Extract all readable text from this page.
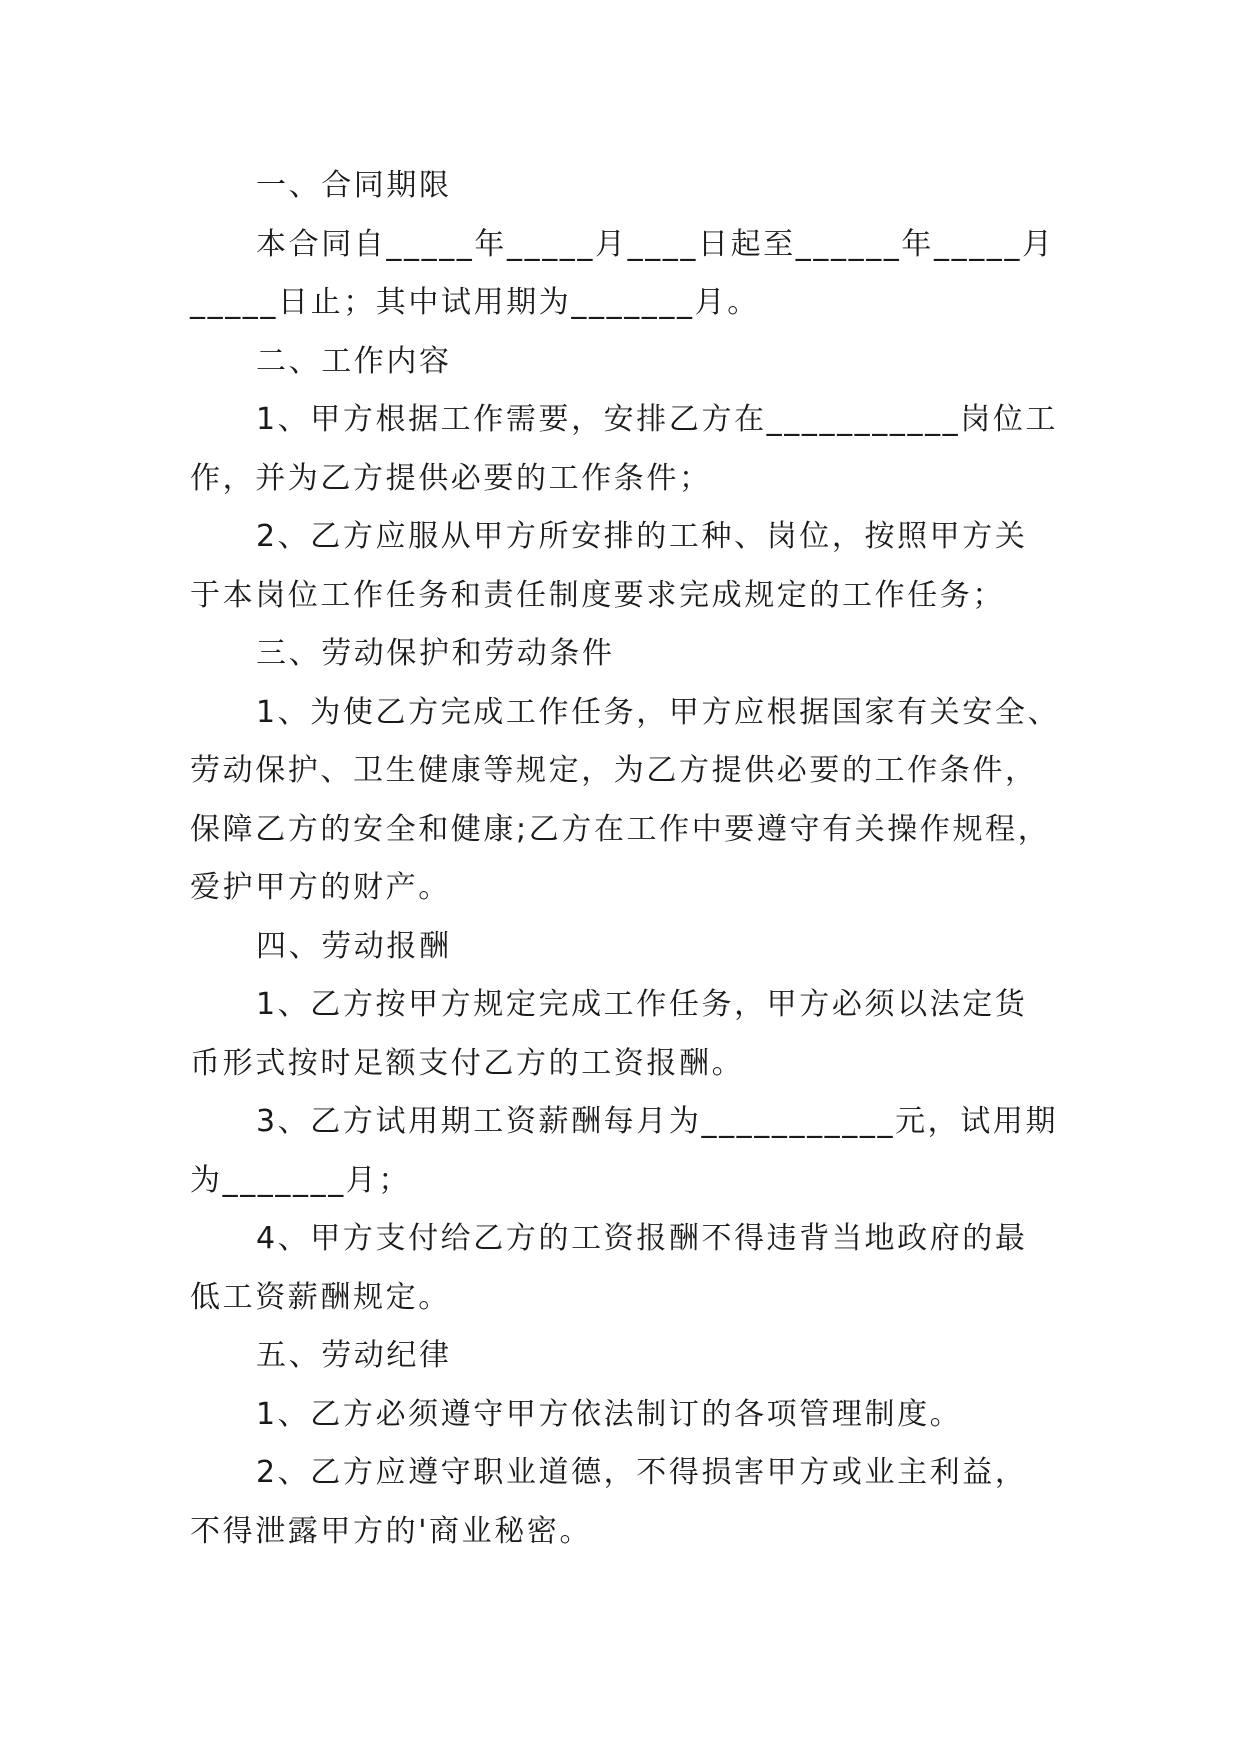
一、合同期限

本合同自_____年_____月____日起至______年_____月

_____日止；其中试用期为_______月。

二、工作内容

1、甲方根据工作需要，安排乙方在___________岗位工

作，并为乙方提供必要的工作条件；

2、乙方应服从甲方所安排的工种、岗位，按照甲方关

于本岗位工作任务和责任制度要求完成规定的工作任务；

三、劳动保护和劳动条件

1、为使乙方完成工作任务，甲方应根据国家有关安全、

劳动保护、卫生健康等规定，为乙方提供必要的工作条件，

保障乙方的安全和健康;乙方在工作中要遵守有关操作规程，

爱护甲方的财产。

四、劳动报酬

1、乙方按甲方规定完成工作任务，甲方必须以法定货

币形式按时足额支付乙方的工资报酬。

3、乙方试用期工资薪酬每月为___________元，试用期

为_______月；

4、甲方支付给乙方的工资报酬不得违背当地政府的最

低工资薪酬规定。

五、劳动纪律

1、乙方必须遵守甲方依法制订的各项管理制度。

2、乙方应遵守职业道德，不得损害甲方或业主利益，

不得泄露甲方的'商业秘密。
